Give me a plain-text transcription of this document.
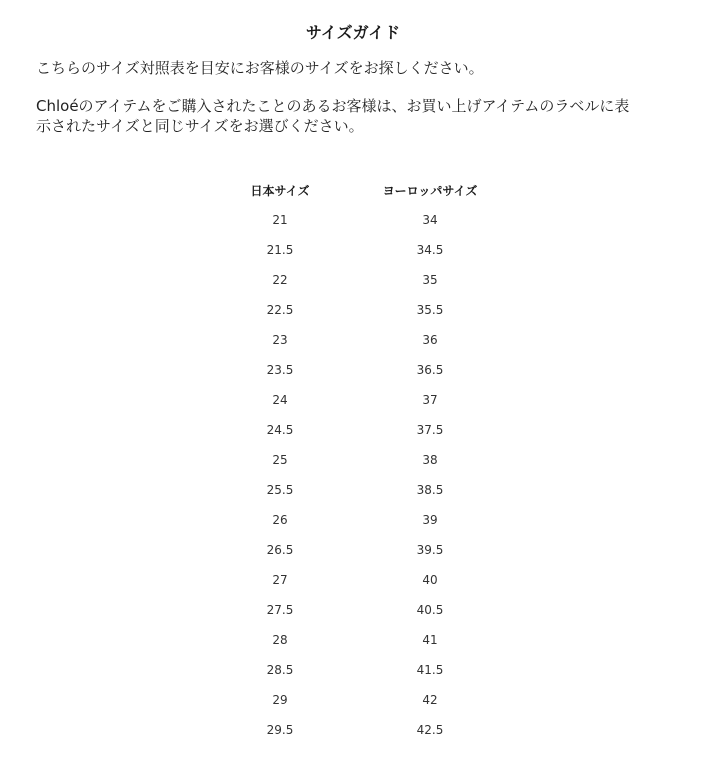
サイズガイド

こちらのサイズ対照表を目安にお客様のサイズをお探しください。

Chloéのアイテムをご購入されたことのあるお客様は、お買い上げアイテムのラベルに表
示されたサイズと同じサイズをお選びください。

日本サイズ	ヨーロッパサイズ
21	34
21.5	34.5
22	35
22.5	35.5
23	36
23.5	36.5
24	37
24.5	37.5
25	38
25.5	38.5
26	39
26.5	39.5
27	40
27.5	40.5
28	41
28.5	41.5
29	42
29.5	42.5
